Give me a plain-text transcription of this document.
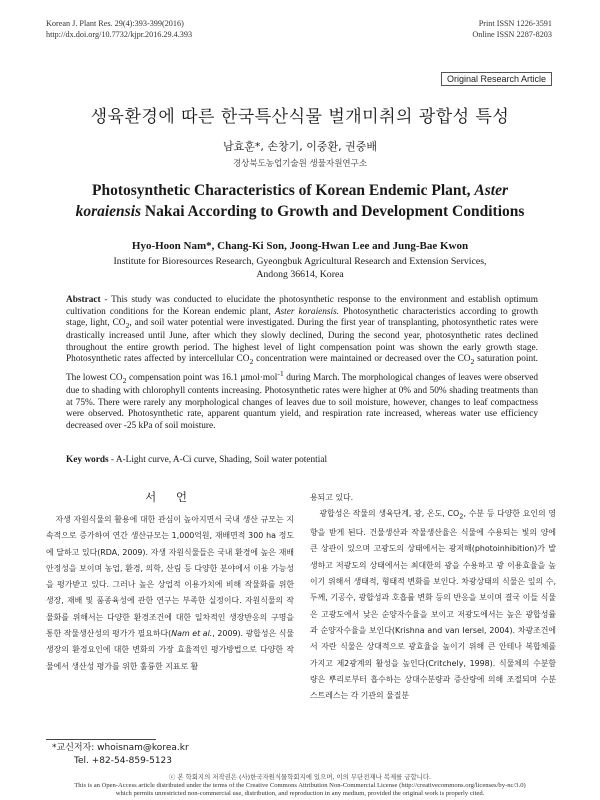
Korean J. Plant Res. 29(4):393-399(2016)
http://dx.doi.org/10.7732/kjpr.2016.29.4.393
Print ISSN 1226-3591
Online ISSN 2287-8203
Original Research Article
생육환경에 따른 한국특산식물 벌개미취의 광합성 특성
남효훈*, 손창기, 이중환, 권중배
경상북도농업기술원 생물자원연구소
Photosynthetic Characteristics of Korean Endemic Plant, Aster koraiensis Nakai According to Growth and Development Conditions
Hyo-Hoon Nam*, Chang-Ki Son, Joong-Hwan Lee and Jung-Bae Kwon
Institute for Bioresources Research, Gyeongbuk Agricultural Research and Extension Services,
Andong 36614, Korea

Abstract - This study was conducted to elucidate the photosynthetic response to the environment and establish optimum cultivation conditions for the Korean endemic plant, Aster koraiensis. Photosynthetic characteristics according to growth stage, light, $CO_2$, and soil water potential were investigated. During the first year of transplanting, photosynthetic rates were drastically increased until June, after which they slowly declined, During the second year, photosynthetic rates declined throughout the entire growth period. The highest level of light compensation point was shown the early growth stage. Photosynthetic rates affected by intercellular $CO_2$ concentration were maintained or decreased over the $CO_2$ saturation point. The lowest $CO_2$ compensation point was 16.1 μmol·mol$^{-1}$ during March. The morphological changes of leaves were observed due to shading with chlorophyll contents increasing. Photosynthetic rates were higher at 0% and 50% shading treatments than at 75%. There were rarely any morphological changes of leaves due to soil moisture, however, changes to leaf compactness were observed. Photosynthetic rate, apparent quantum yield, and respiration rate increased, whereas water use efficiency decreased over -25 kPa of soil moisture.

Key words - A-Light curve, A-Ci curve, Shading, Soil water potential
서 언

자생 자원식물의 활용에 대한 관심이 높아지면서 국내 생산 규모는 지속적으로 증가하여 연간 생산규모는 1,000억원, 재배면적 300 ha 정도에 달하고 있다(RDA, 2009). 자생 자원식물들은 국내 환경에 높은 재배안정성을 보이며 농업, 환경, 의학, 산림 등 다양한 분야에서 이용 가능성을 평가받고 있다. 그러나 높은 상업적 이용가치에 비해 작물화를 위한 생장, 재배 및 품종육성에 관한 연구는 부족한 실정이다. 자원식물의 작물화를 위해서는 다양한 환경조건에 대한 일차적인 생장반응의 구명을 통한 작물생산성의 평가가 필요하다(Nam et al., 2009). 광합성은 식물생장의 환경요인에 대한 변화의 가장 효율적인 평가방법으로 다양한 작물에서 생산성 평가를 위한 훌륭한 지표로 활

용되고 있다.

광합성은 작물의 생육단계, 광, 온도, $CO_2$, 수분 등 다양한 요인의 영향을 받게 된다. 건물생산과 작물생산율은 식물에 수용되는 빛의 양에 큰 상관이 있으며 고광도의 상태에서는 광저해(photoinhibition)가 발생하고 저광도의 상태에서는 최대한의 광을 수용하고 광 이용효율을 높이기 위해서 생태적, 형태적 변화를 보인다. 차광상태의 식물은 잎의 수, 두께, 기공수, 광합성과 호흡률 변화 등의 반응을 보이며 결국 이들 식물은 고광도에서 낮은 순양자수율을 보이고 저광도에서는 높은 광합성률과 순양자수율을 보인다(Krishna and van Iersel, 2004). 차광조건에서 자란 식물은 상대적으로 광효율을 높이기 위해 큰 안테나 복합체를 가지고 제2광계의 활성을 높인다(Critchely, 1998). 식물체의 수분함량은 뿌리로부터 흡수하는 상대수분량과 증산량에 의해 조절되며 수분스트레스는 각 기관의 물질분

*교신저자: whoisnam@korea.kr
Tel. +82-54-859-5123
ⓒ 본 학회지의 저작권은 (사)한국자원식물학회지에 있으며, 이의 무단전재나 복제를 금합니다.
This is an Open-Access article distributed under the terms of the Creative Commons Attribution Non-Commercial License (http://creativecommons.org/licenses/by-nc/3.0)
which permits unrestricted non-commercial use, distribution, and reproduction in any medium, provided the original work is properly cited.
